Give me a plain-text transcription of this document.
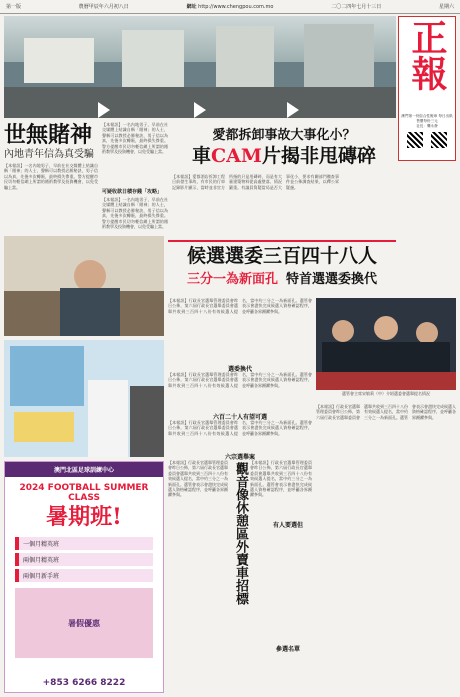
第一版	農曆甲辰年六月初八日	網址 http://www.chengpou.com.mo	二〇二四年七月十三日	星期六
正報
澳門第一份綜合性報章 每日出紙 售價每份三元
社長：龔永發

世無賭神
內地青年信為真受騙
【本報訊】一名內地男子，早前在社交媒體上結識自稱「賭神」的人士，聲稱可以教授必勝秘訣，男子信以為真，先後多次轉賬，最終損失慘重。警方提醒市民切勿輕信網上所謂的賭術教學及投資機會，以免受騙上當。
【本報訊】一名內地男子，早前在社交媒體上結識自稱「賭神」的人士，聲稱可以教授必勝秘訣，男子信以為真，先後多次轉賬，最終損失慘重。警方提醒市民切勿輕信網上所謂的賭術教學及投資機會，以免受騙上當。
可疑收款日積存錢「攻略」
【本報訊】一名內地男子，早前在社交媒體上結識自稱「賭神」的人士，聲稱可以教授必勝秘訣，男子信以為真，先後多次轉賬，最終損失慘重。警方提醒市民切勿輕信網上所謂的賭術教學及投資機會，以免受騙上當。
愛都拆卸事故大事化小？
車CAM片揭非甩磚碎
【本報訊】愛都酒店拆卸工程日前發生事故，有市民的行車記錄影片顯示，當時並非官方所指的只是甩磚碎，而是有大量建築物料從高處墜落，情況嚴重。有議員質疑當局是否大事化小，要求有關部門徹查事件並公佈調查結果，以釋公眾疑慮。
候選選委三百四十八人
三分一為新面孔 特首選選委換代
選管會主席宋敏莉（中）介紹選委會選舉提名情況
【本報訊】行政長官選舉管理委員會昨日公佈，第六屆行政長官選舉委員會選舉共收到三百四十八份有效候選人提名，當中約三分之一為新面孔。選管會表示會盡快完成候選人資格確認程序，並呼籲各界踴躍參與。
選委換代
【本報訊】行政長官選舉管理委員會昨日公佈，第六屆行政長官選舉委員會選舉共收到三百四十八份有效候選人提名，當中約三分之一為新面孔。選管會表示會盡快完成候選人資格確認程序，並呼籲各界踴躍參與。
六百二十人有望可選
【本報訊】行政長官選舉管理委員會昨日公佈，第六屆行政長官選舉委員會選舉共收到三百四十八份有效候選人提名，當中約三分之一為新面孔。選管會表示會盡快完成候選人資格確認程序，並呼籲各界踴躍參與。
六宗選舉案
【本報訊】行政長官選舉管理委員會昨日公佈，第六屆行政長官選舉委員會選舉共收到三百四十八份有效候選人提名，當中約三分之一為新面孔。選管會表示會盡快完成候選人資格確認程序，並呼籲各界踴躍參與。	觀音像休憩區外賣車招標 【本報訊】行政長官選舉管理委員會昨日公佈，第六屆行政長官選舉委員會選舉共收到三百四十八份有效候選人提名，當中約三分之一為新面孔。選管會表示會盡快完成候選人資格確認程序，並呼籲各界踴躍參與。
有人要選但
參選名單
【本報訊】行政長官選舉管理委員會昨日公佈，第六屆行政長官選舉委員會選舉共收到三百四十八份有效候選人提名，當中約三分之一為新面孔。選管會表示會盡快完成候選人資格確認程序，並呼籲各界踴躍參與。
澳門北區足球訓練中心
2024 FOOTBALL SUMMER CLASS
暑期班!
一個月精英班
兩個月精英班
兩個月新手班
暑假優惠
+853 6266 8222
